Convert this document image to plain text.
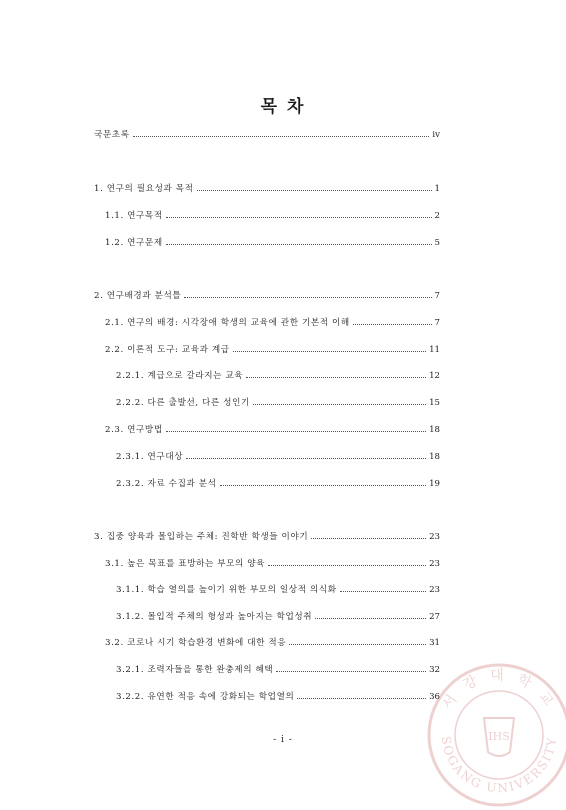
목 차
국문초록	iv
1. 연구의 필요성과 목적	1
1.1. 연구목적	2
1.2. 연구문제	5
2. 연구배경과 분석틀	7
2.1. 연구의 배경: 시각장애 학생의 교육에 관한 기본적 이해	7
2.2. 이론적 도구: 교육과 계급	11
2.2.1. 계급으로 갈라지는 교육	12
2.2.2. 다른 출발선, 다른 성인기	15
2.3. 연구방법	18
2.3.1. 연구대상	18
2.3.2. 자료 수집과 분석	19
3. 집중 양육과 몰입하는 주체: 진학반 학생들 이야기	23
3.1. 높은 목표를 표방하는 부모의 양육	23
3.1.1. 학습 열의를 높이기 위한 부모의 일상적 의식화	23
3.1.2. 몰입적 주체의 형성과 높아지는 학업성취	27
3.2. 코로나 시기 학습환경 변화에 대한 적응	31
3.2.1. 조력자들을 통한 완충제의 혜택	32
3.2.2. 유연한 적응 속에 강화되는 학업열의	36
- i -
서 강 대 학 교
SOGANG UNIVERSITY
IHS
